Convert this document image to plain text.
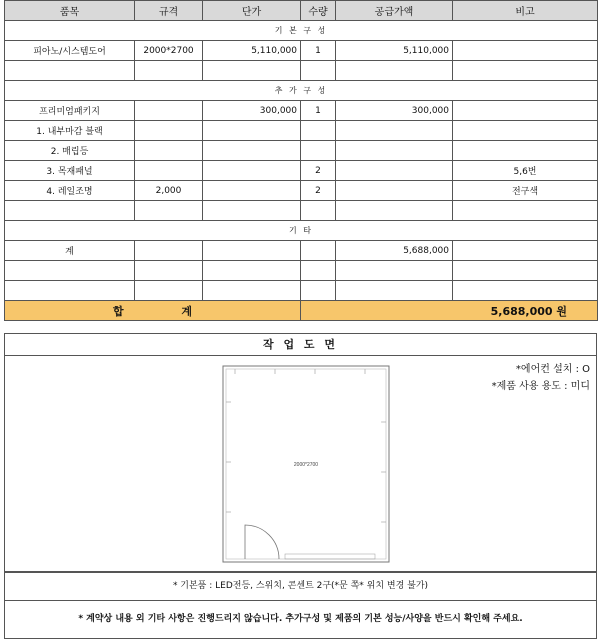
품목	규격	단가	수량	공급가액	비고
기 본 구 성					
피아노/시스템도어	2000*2700	5,110,000	1	5,110,000	

추 가 구 성					
프리미엄패키지		300,000	1	300,000	
1. 내부마감 블랙					
2. 매립등					
3. 목재패널			2		5,6번
4. 레일조명	2,000		2		전구색

기 타					
계				5,688,000	

합 계			5,688,000 원		
작 업 도 면
*에어컨 설치 : O
*제품 사용 용도 : 미디
2000*2700
* 기본품 : LED전등, 스위치, 콘센트 2구(*문 쪽* 위치 변경 불가)
* 계약상 내용 외 기타 사항은 진행드리지 않습니다. 추가구성 및 제품의 기본 성능/사양을 반드시 확인해 주세요.
